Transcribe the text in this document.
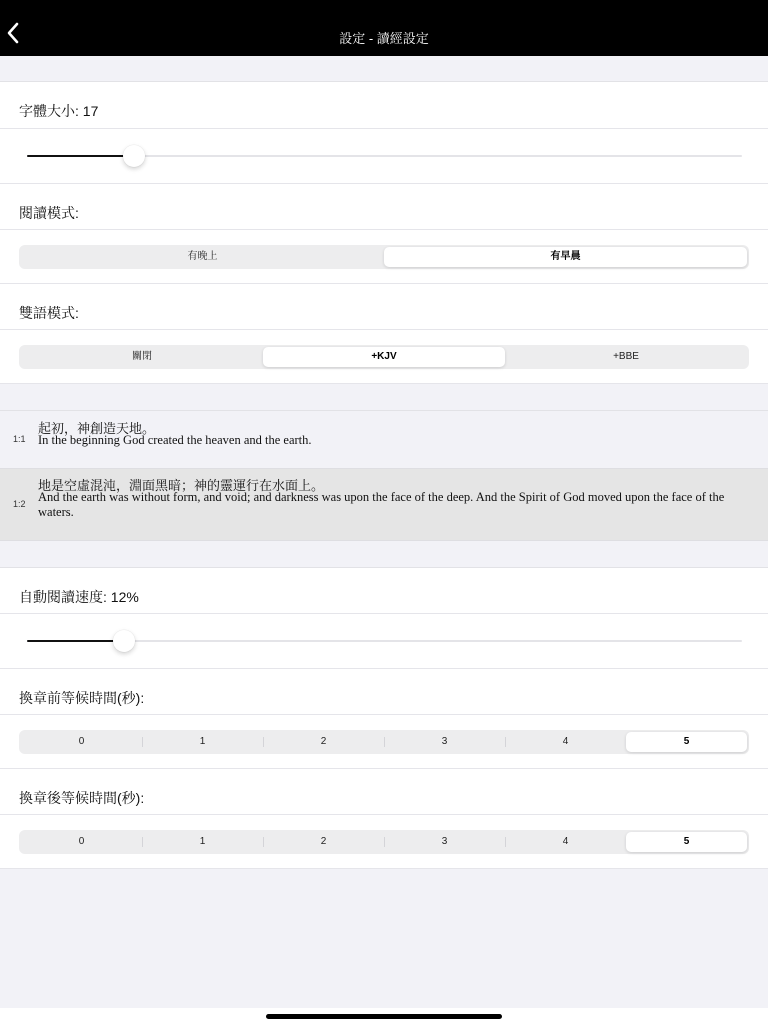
設定 - 讀經設定
字體大小: 17
閱讀模式:
有晚上	有早晨
雙語模式:
關閉	+KJV	+BBE
1:1
起初，神創造天地。
In the beginning God created the heaven and the earth.
1:2
地是空虛混沌，淵面黑暗；神的靈運行在水面上。
And the earth was without form, and void; and darkness was upon the face of the deep. And the Spirit of God moved upon the face of the waters.
自動閱讀速度: 12%
換章前等候時間(秒):
0	1	2	3	4	5
換章後等候時間(秒):
0	1	2	3	4	5
